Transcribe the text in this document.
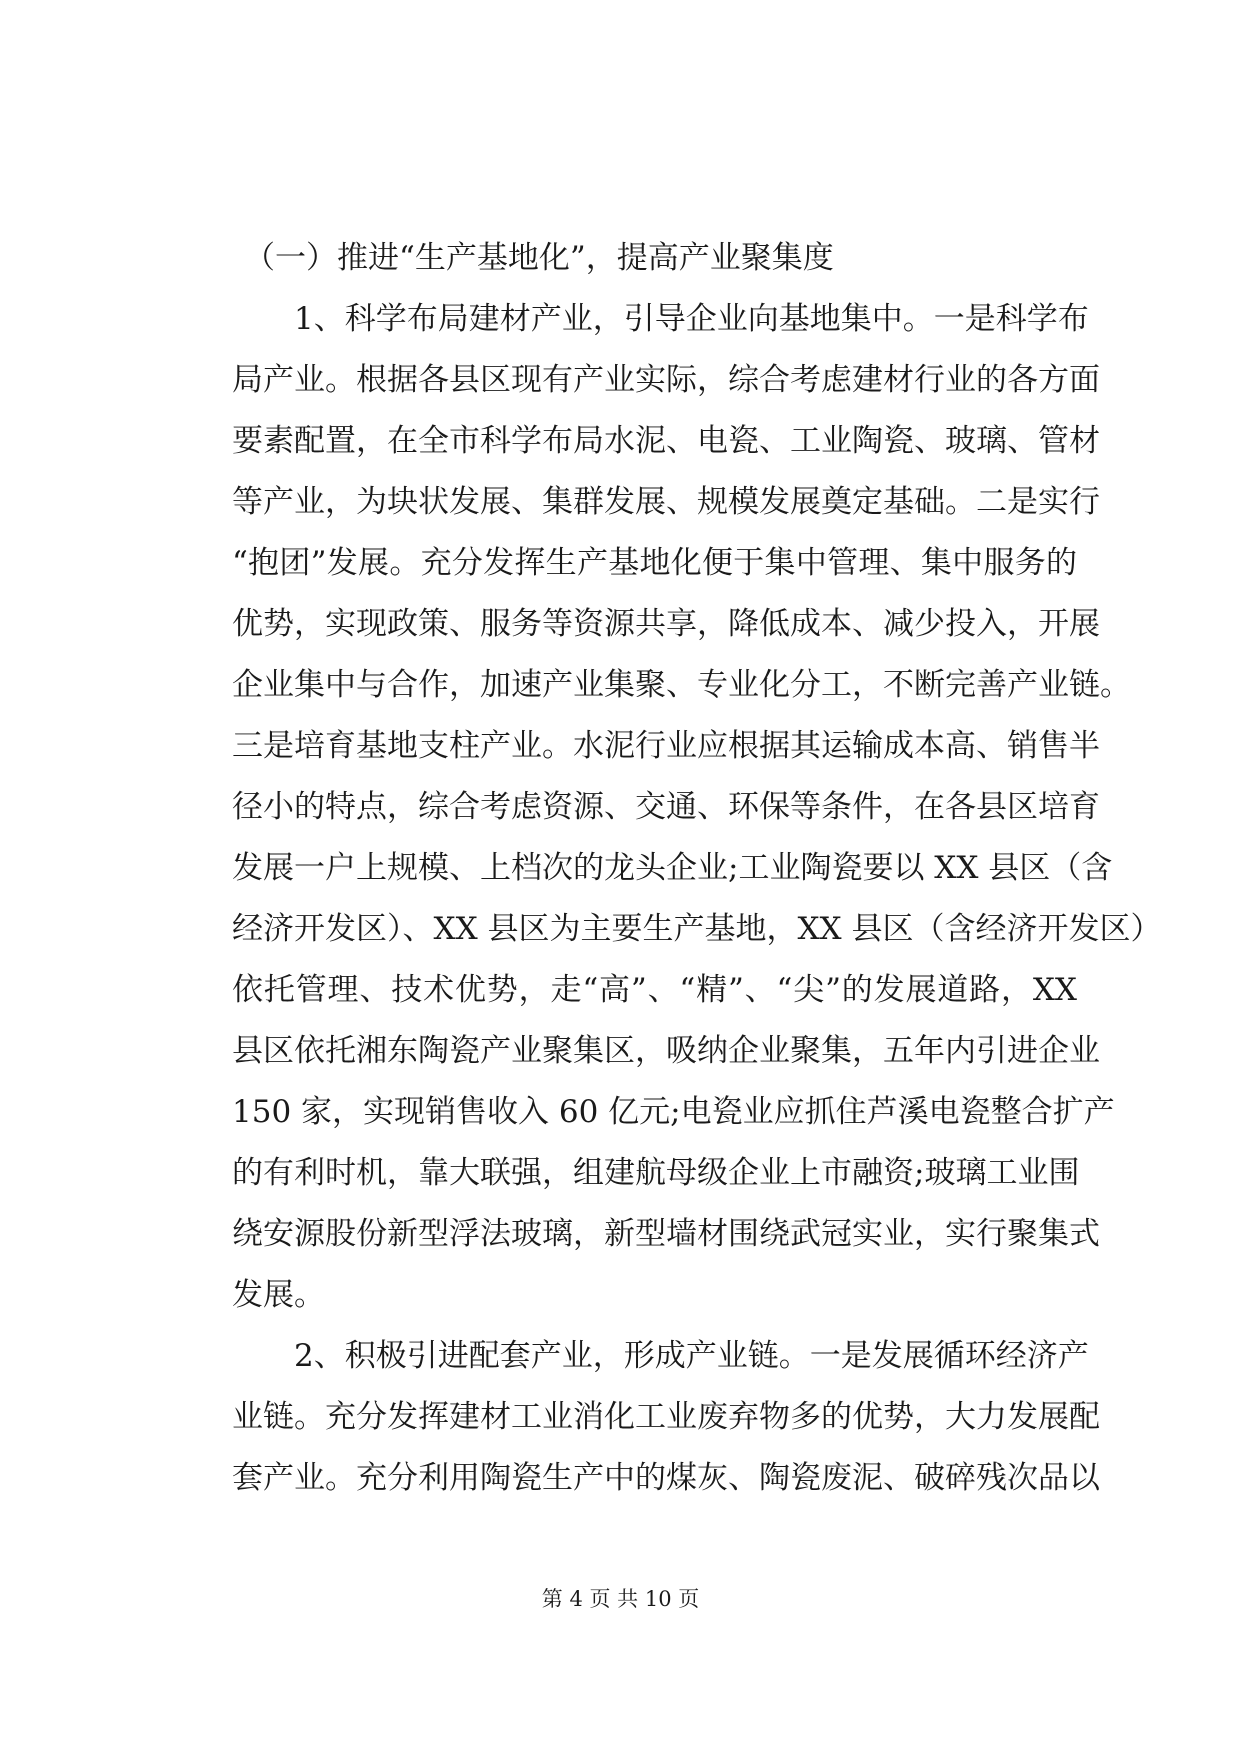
（一）推进“生产基地化”，提高产业聚集度
1、科学布局建材产业，引导企业向基地集中。一是科学布
局产业。根据各县区现有产业实际，综合考虑建材行业的各方面
要素配置，在全市科学布局水泥、电瓷、工业陶瓷、玻璃、管材
等产业，为块状发展、集群发展、规模发展奠定基础。二是实行
“抱团”发展。充分发挥生产基地化便于集中管理、集中服务的
优势，实现政策、服务等资源共享，降低成本、减少投入，开展
企业集中与合作，加速产业集聚、专业化分工，不断完善产业链。
三是培育基地支柱产业。水泥行业应根据其运输成本高、销售半
径小的特点，综合考虑资源、交通、环保等条件，在各县区培育
发展一户上规模、上档次的龙头企业;工业陶瓷要以 XX 县区（含
经济开发区）、XX 县区为主要生产基地，XX 县区（含经济开发区）
依托管理、技术优势，走“高”、“精”、“尖”的发展道路，XX
县区依托湘东陶瓷产业聚集区，吸纳企业聚集，五年内引进企业
150 家，实现销售收入 60 亿元;电瓷业应抓住芦溪电瓷整合扩产
的有利时机，靠大联强，组建航母级企业上市融资;玻璃工业围
绕安源股份新型浮法玻璃，新型墙材围绕武冠实业，实行聚集式
发展。
2、积极引进配套产业，形成产业链。一是发展循环经济产
业链。充分发挥建材工业消化工业废弃物多的优势，大力发展配
套产业。充分利用陶瓷生产中的煤灰、陶瓷废泥、破碎残次品以
第 4 页 共 10 页
